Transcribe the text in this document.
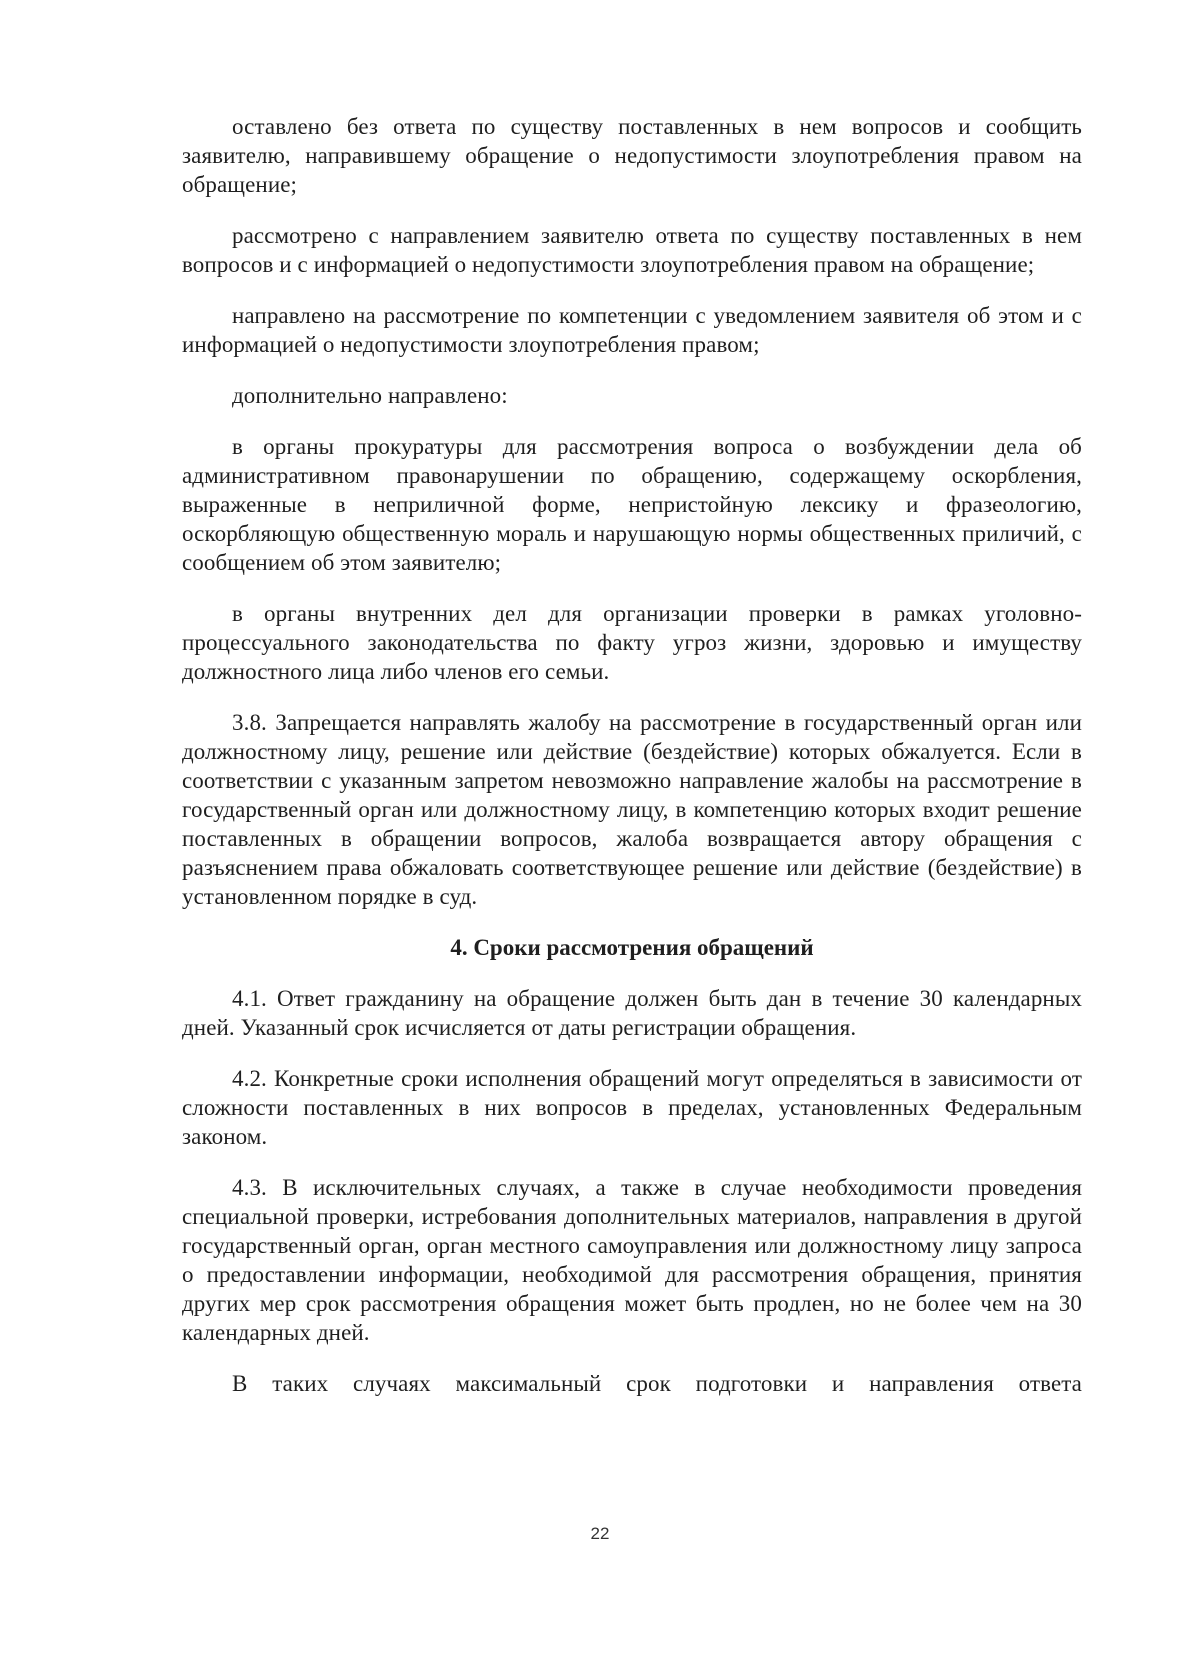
оставлено без ответа по существу поставленных в нем вопросов и сообщить заявителю, направившему обращение о недопустимости злоупотребления правом на обращение;

рассмотрено с направлением заявителю ответа по существу поставленных в нем вопросов и с информацией о недопустимости злоупотребления правом на обращение;

направлено на рассмотрение по компетенции с уведомлением заявителя об этом и с информацией о недопустимости злоупотребления правом;

дополнительно направлено:

в органы прокуратуры для рассмотрения вопроса о возбуждении дела об административном правонарушении по обращению, содержащему оскорбления, выраженные в неприличной форме, непристойную лексику и фразеологию, оскорбляющую общественную мораль и нарушающую нормы общественных приличий, с сообщением об этом заявителю;

в органы внутренних дел для организации проверки в рамках уголовно-процессуального законодательства по факту угроз жизни, здоровью и имуществу должностного лица либо членов его семьи.

3.8. Запрещается направлять жалобу на рассмотрение в государственный орган или должностному лицу, решение или действие (бездействие) которых обжалуется. Если в соответствии с указанным запретом невозможно направление жалобы на рассмотрение в государственный орган или должностному лицу, в компетенцию которых входит решение поставленных в обращении вопросов, жалоба возвращается автору обращения с разъяснением права обжаловать соответствующее решение или действие (бездействие) в установленном порядке в суд.

4. Сроки рассмотрения обращений

4.1. Ответ гражданину на обращение должен быть дан в течение 30 календарных дней. Указанный срок исчисляется от даты регистрации обращения.

4.2. Конкретные сроки исполнения обращений могут определяться в зависимости от сложности поставленных в них вопросов в пределах, установленных Федеральным законом.

4.3. В исключительных случаях, а также в случае необходимости проведения специальной проверки, истребования дополнительных материалов, направления в другой государственный орган, орган местного самоуправления или должностному лицу запроса о предоставлении информации, необходимой для рассмотрения обращения, принятия других мер срок рассмотрения обращения может быть продлен, но не более чем на 30 календарных дней.

В таких случаях максимальный срок подготовки и направления ответа

22
